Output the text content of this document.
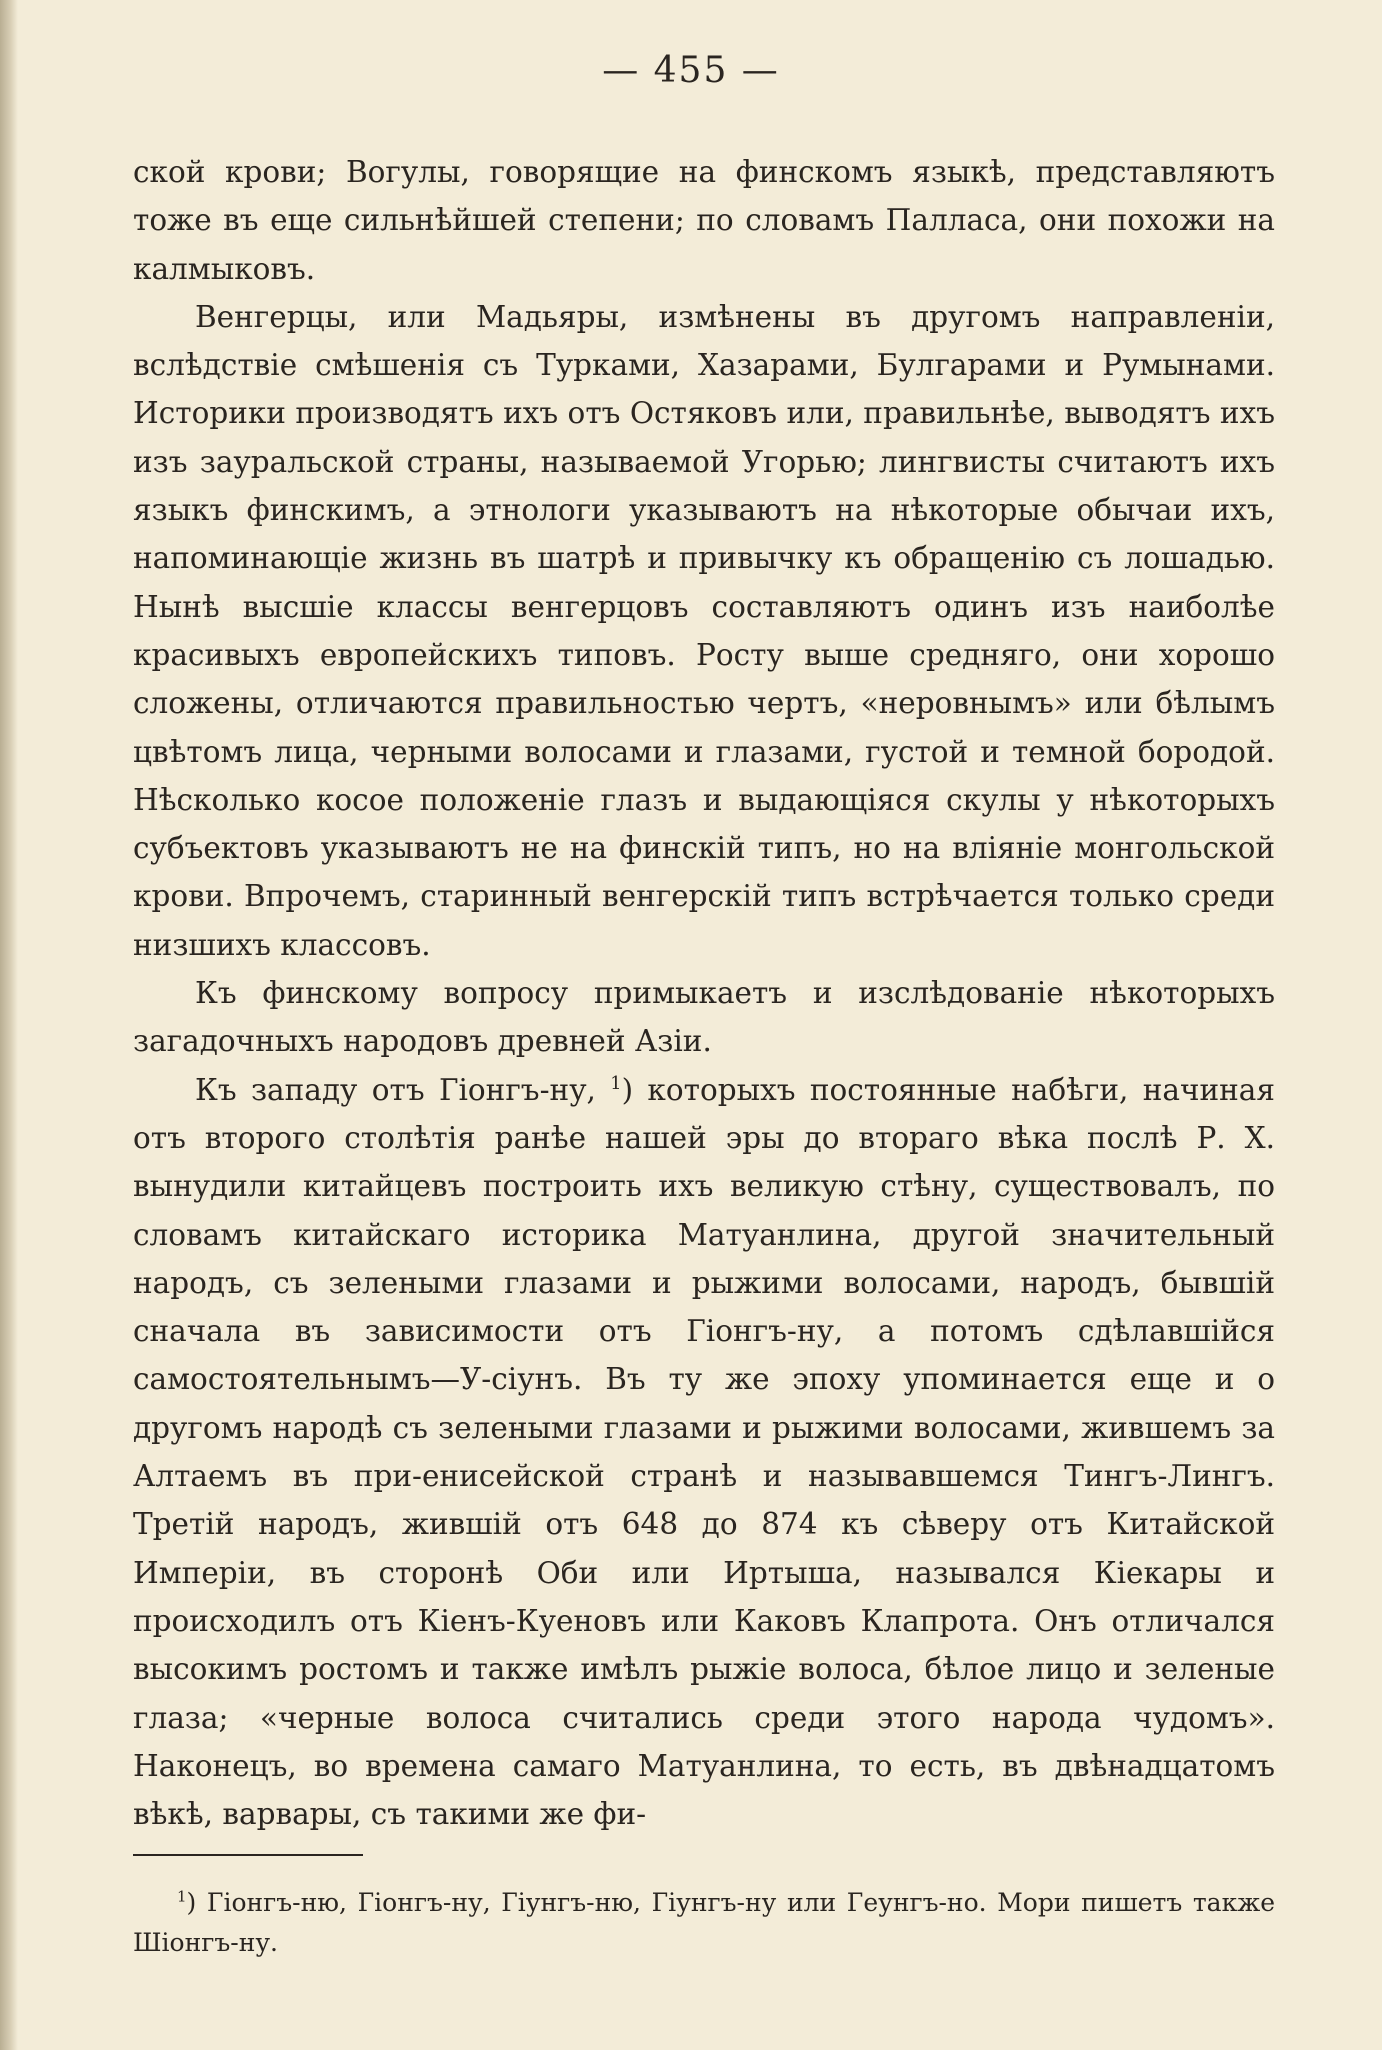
— 455 —

ской крови; Вогулы, говорящие на финскомъ языкѣ, представляютъ тоже въ еще сильнѣйшей степени; по словамъ Палласа, они похожи на калмыковъ.

Венгерцы, или Мадьяры, измѣнены въ другомъ направленіи, вслѣдствіе смѣшенія съ Турками, Хазарами, Булгарами и Румынами. Историки производятъ ихъ отъ Остяковъ или, правильнѣе, выводятъ ихъ изъ зауральской страны, называемой Угорью; лингвисты считаютъ ихъ языкъ финскимъ, а этнологи указываютъ на нѣкоторые обычаи ихъ, напоминающіе жизнь въ шатрѣ и привычку къ обращенію съ лошадью. Нынѣ высшіе классы венгерцовъ составляютъ одинъ изъ наиболѣе красивыхъ европейскихъ типовъ. Росту выше средняго, они хорошо сложены, отличаются правильностью чертъ, «неровнымъ» или бѣлымъ цвѣтомъ лица, черными волосами и глазами, густой и темной бородой. Нѣсколько косое положеніе глазъ и выдающіяся скулы у нѣкоторыхъ субъектовъ указываютъ не на финскій типъ, но на вліяніе монгольской крови. Впрочемъ, старинный венгерскій типъ встрѣчается только среди низшихъ классовъ.

Къ финскому вопросу примыкаетъ и изслѣдованіе нѣкоторыхъ загадочныхъ народовъ древней Азіи.

Къ западу отъ Гіонгъ-ну, $^1$) которыхъ постоянные набѣги, начиная отъ второго столѣтія ранѣе нашей эры до втораго вѣка послѣ Р. Х. вынудили китайцевъ построить ихъ великую стѣну, существовалъ, по словамъ китайскаго историка Матуанлина, другой значительный народъ, съ зелеными глазами и рыжими волосами, народъ, бывшій сначала въ зависимости отъ Гіонгъ-ну, а потомъ сдѣлавшійся самостоятельнымъ—У-сіунъ. Въ ту же эпоху упоминается еще и о другомъ народѣ съ зелеными глазами и рыжими волосами, жившемъ за Алтаемъ въ при-енисейской странѣ и называвшемся Тингъ-Лингъ. Третій народъ, жившій отъ 648 до 874 къ сѣверу отъ Китайской Имперіи, въ сторонѣ Оби или Иртыша, назывался Кіекары и происходилъ отъ Кіенъ-Куеновъ или Каковъ Клапрота. Онъ отличался высокимъ ростомъ и также имѣлъ рыжіе волоса, бѣлое лицо и зеленые глаза; «черные волоса считались среди этого народа чудомъ». Наконецъ, во времена самаго Матуанлина, то есть, въ двѣнадцатомъ вѣкѣ, варвары, съ такими же фи-

$^1$) Гіонгъ-ню, Гіонгъ-ну, Гіунгъ-ню, Гіунгъ-ну или Геунгъ-но. Мори пишетъ также Шіонгъ-ну.
